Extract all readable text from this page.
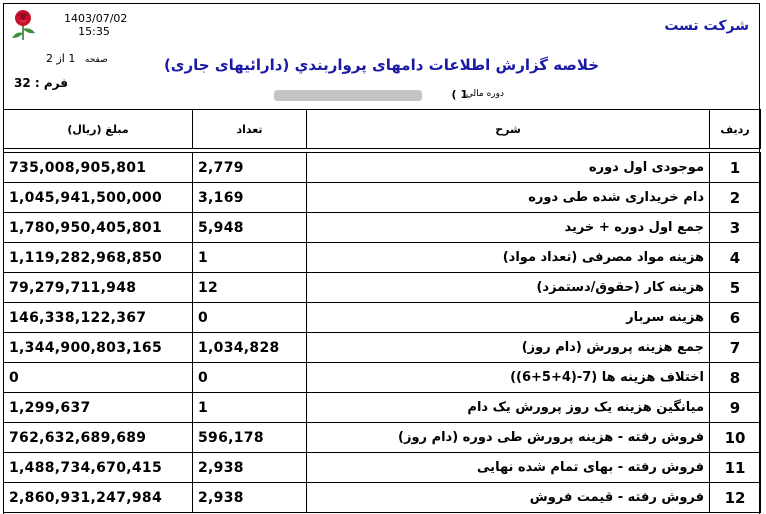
1403/07/02
15:35
صفحه 1 از 2
فرم : 32
شرکت تست
خلاصه گزارش اطلاعات دامهای پرواربندي (دارائیهای جاری)
دوره مالي
1 )
ردیف	شرح	تعداد	مبلغ (ریال)

1	موجودی اول دوره	2,779	735,008,905,801
2	دام خریداری شده طی دوره	3,169	1,045,941,500,000
3	جمع اول دوره + خرید	5,948	1,780,950,405,801
4	هزینه مواد مصرفی (تعداد مواد)	1	1,119,282,968,850
5	هزینه کار (حقوق/دستمزد)	12	79,279,711,948
6	هزینه سربار	0	146,338,122,367
7	جمع هزینه پرورش (دام روز)	1,034,828	1,344,900,803,165
8	اختلاف هزینه ها (7-(4+5+6))	0	0
9	میانگین هزینه یک روز پرورش یک دام	1	1,299,637
10	فروش رفته - هزینه پرورش طی دوره (دام روز)	596,178	762,632,689,689
11	فروش رفته - بهای تمام شده نهایی	2,938	1,488,734,670,415
12	فروش رفته - قیمت فروش	2,938	2,860,931,247,984
